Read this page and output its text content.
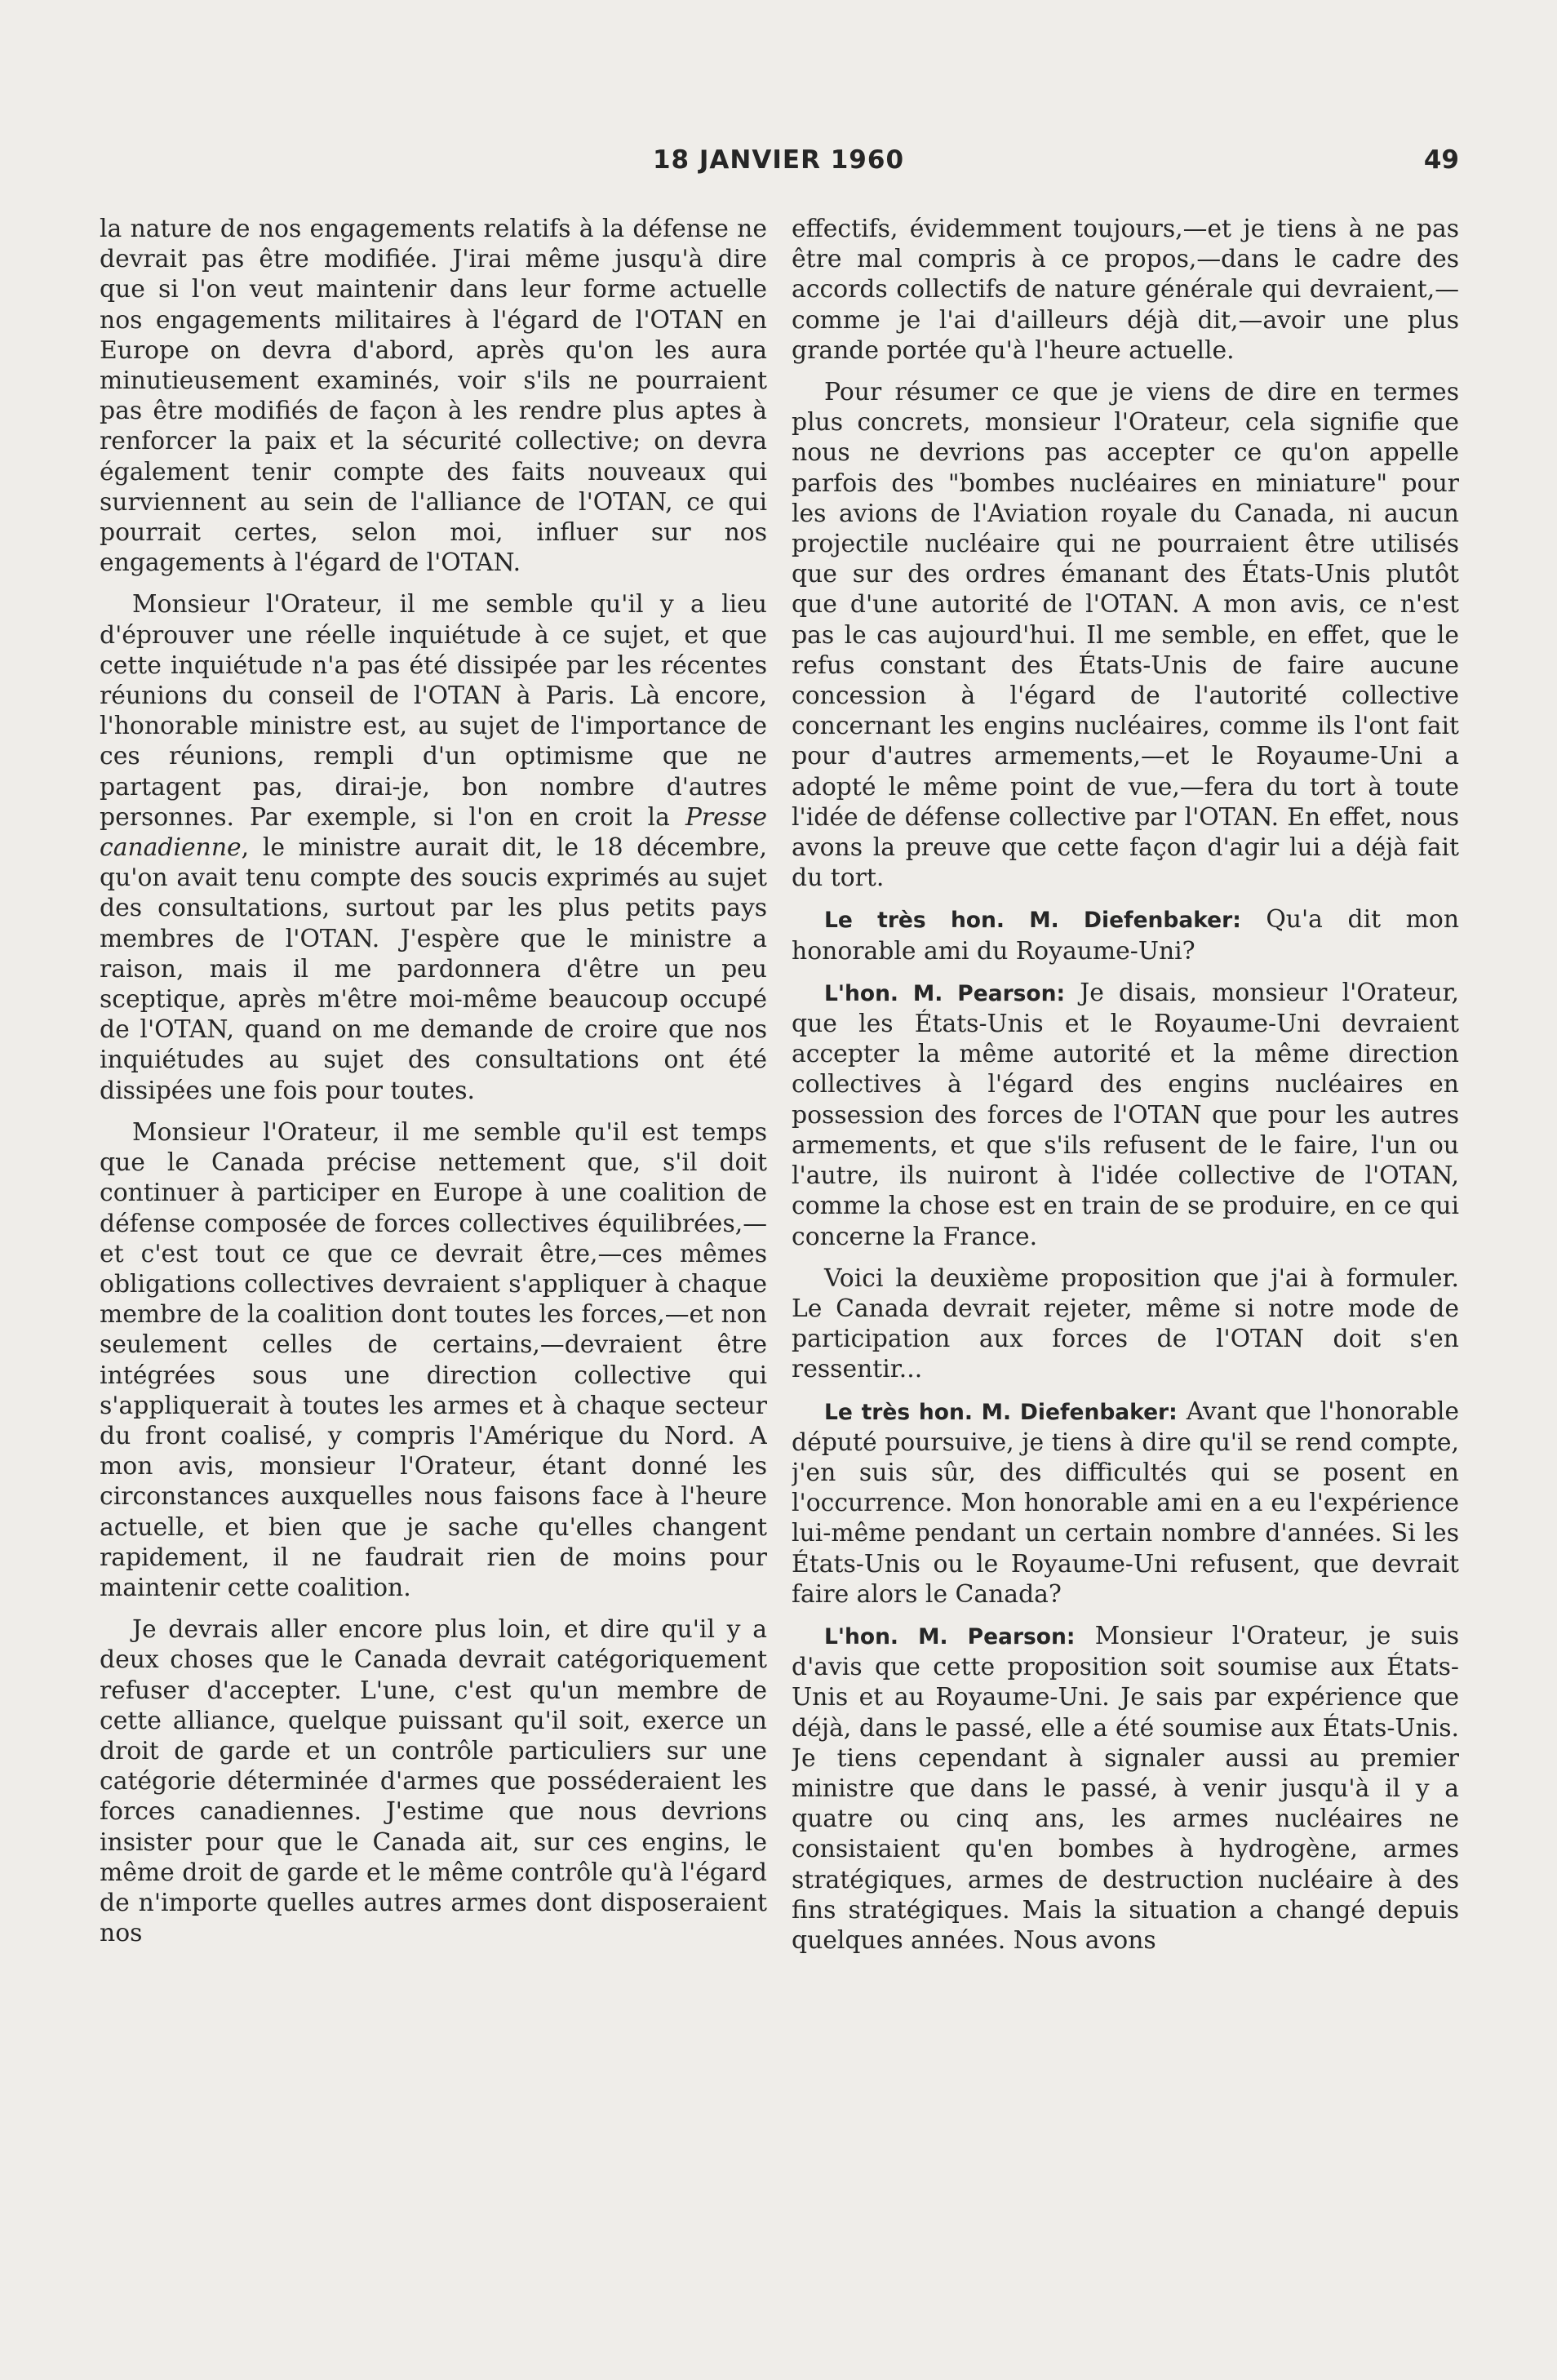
18 JANVIER 1960	49

la nature de nos engagements relatifs à la défense ne devrait pas être modifiée. J'irai même jusqu'à dire que si l'on veut maintenir dans leur forme actuelle nos engagements militaires à l'égard de l'OTAN en Europe on devra d'abord, après qu'on les aura minutieusement examinés, voir s'ils ne pourraient pas être modifiés de façon à les rendre plus aptes à renforcer la paix et la sécurité collective; on devra également tenir compte des faits nouveaux qui surviennent au sein de l'alliance de l'OTAN, ce qui pourrait certes, selon moi, influer sur nos engagements à l'égard de l'OTAN.

Monsieur l'Orateur, il me semble qu'il y a lieu d'éprouver une réelle inquiétude à ce sujet, et que cette inquiétude n'a pas été dissipée par les récentes réunions du conseil de l'OTAN à Paris. Là encore, l'honorable ministre est, au sujet de l'importance de ces réunions, rempli d'un optimisme que ne partagent pas, dirai-je, bon nombre d'autres personnes. Par exemple, si l'on en croit la Presse canadienne, le ministre aurait dit, le 18 décembre, qu'on avait tenu compte des soucis exprimés au sujet des consultations, surtout par les plus petits pays membres de l'OTAN. J'espère que le ministre a raison, mais il me pardonnera d'être un peu sceptique, après m'être moi-même beaucoup occupé de l'OTAN, quand on me demande de croire que nos inquiétudes au sujet des consultations ont été dissipées une fois pour toutes.

Monsieur l'Orateur, il me semble qu'il est temps que le Canada précise nettement que, s'il doit continuer à participer en Europe à une coalition de défense composée de forces collectives équilibrées,—et c'est tout ce que ce devrait être,—ces mêmes obligations collectives devraient s'appliquer à chaque membre de la coalition dont toutes les forces,—et non seulement celles de certains,—devraient être intégrées sous une direction collective qui s'appliquerait à toutes les armes et à chaque secteur du front coalisé, y compris l'Amérique du Nord. A mon avis, monsieur l'Orateur, étant donné les circonstances auxquelles nous faisons face à l'heure actuelle, et bien que je sache qu'elles changent rapidement, il ne faudrait rien de moins pour maintenir cette coalition.

Je devrais aller encore plus loin, et dire qu'il y a deux choses que le Canada devrait catégoriquement refuser d'accepter. L'une, c'est qu'un membre de cette alliance, quelque puissant qu'il soit, exerce un droit de garde et un contrôle particuliers sur une catégorie déterminée d'armes que posséderaient les forces canadiennes. J'estime que nous devrions insister pour que le Canada ait, sur ces engins, le même droit de garde et le même contrôle qu'à l'égard de n'importe quelles autres armes dont disposeraient nos

effectifs, évidemment toujours,—et je tiens à ne pas être mal compris à ce propos,—dans le cadre des accords collectifs de nature générale qui devraient,—comme je l'ai d'ailleurs déjà dit,—avoir une plus grande portée qu'à l'heure actuelle.

Pour résumer ce que je viens de dire en termes plus concrets, monsieur l'Orateur, cela signifie que nous ne devrions pas accepter ce qu'on appelle parfois des "bombes nucléaires en miniature" pour les avions de l'Aviation royale du Canada, ni aucun projectile nucléaire qui ne pourraient être utilisés que sur des ordres émanant des États-Unis plutôt que d'une autorité de l'OTAN. A mon avis, ce n'est pas le cas aujourd'hui. Il me semble, en effet, que le refus constant des États-Unis de faire aucune concession à l'égard de l'autorité collective concernant les engins nucléaires, comme ils l'ont fait pour d'autres armements,—et le Royaume-Uni a adopté le même point de vue,—fera du tort à toute l'idée de défense collective par l'OTAN. En effet, nous avons la preuve que cette façon d'agir lui a déjà fait du tort.

Le très hon. M. Diefenbaker: Qu'a dit mon honorable ami du Royaume-Uni?

L'hon. M. Pearson: Je disais, monsieur l'Orateur, que les États-Unis et le Royaume-Uni devraient accepter la même autorité et la même direction collectives à l'égard des engins nucléaires en possession des forces de l'OTAN que pour les autres armements, et que s'ils refusent de le faire, l'un ou l'autre, ils nuiront à l'idée collective de l'OTAN, comme la chose est en train de se produire, en ce qui concerne la France.

Voici la deuxième proposition que j'ai à formuler. Le Canada devrait rejeter, même si notre mode de participation aux forces de l'OTAN doit s'en ressentir...

Le très hon. M. Diefenbaker: Avant que l'honorable député poursuive, je tiens à dire qu'il se rend compte, j'en suis sûr, des difficultés qui se posent en l'occurrence. Mon honorable ami en a eu l'expérience lui-même pendant un certain nombre d'années. Si les États-Unis ou le Royaume-Uni refusent, que devrait faire alors le Canada?

L'hon. M. Pearson: Monsieur l'Orateur, je suis d'avis que cette proposition soit soumise aux États-Unis et au Royaume-Uni. Je sais par expérience que déjà, dans le passé, elle a été soumise aux États-Unis. Je tiens cependant à signaler aussi au premier ministre que dans le passé, à venir jusqu'à il y a quatre ou cinq ans, les armes nucléaires ne consistaient qu'en bombes à hydrogène, armes stratégiques, armes de destruction nucléaire à des fins stratégiques. Mais la situation a changé depuis quelques années. Nous avons
